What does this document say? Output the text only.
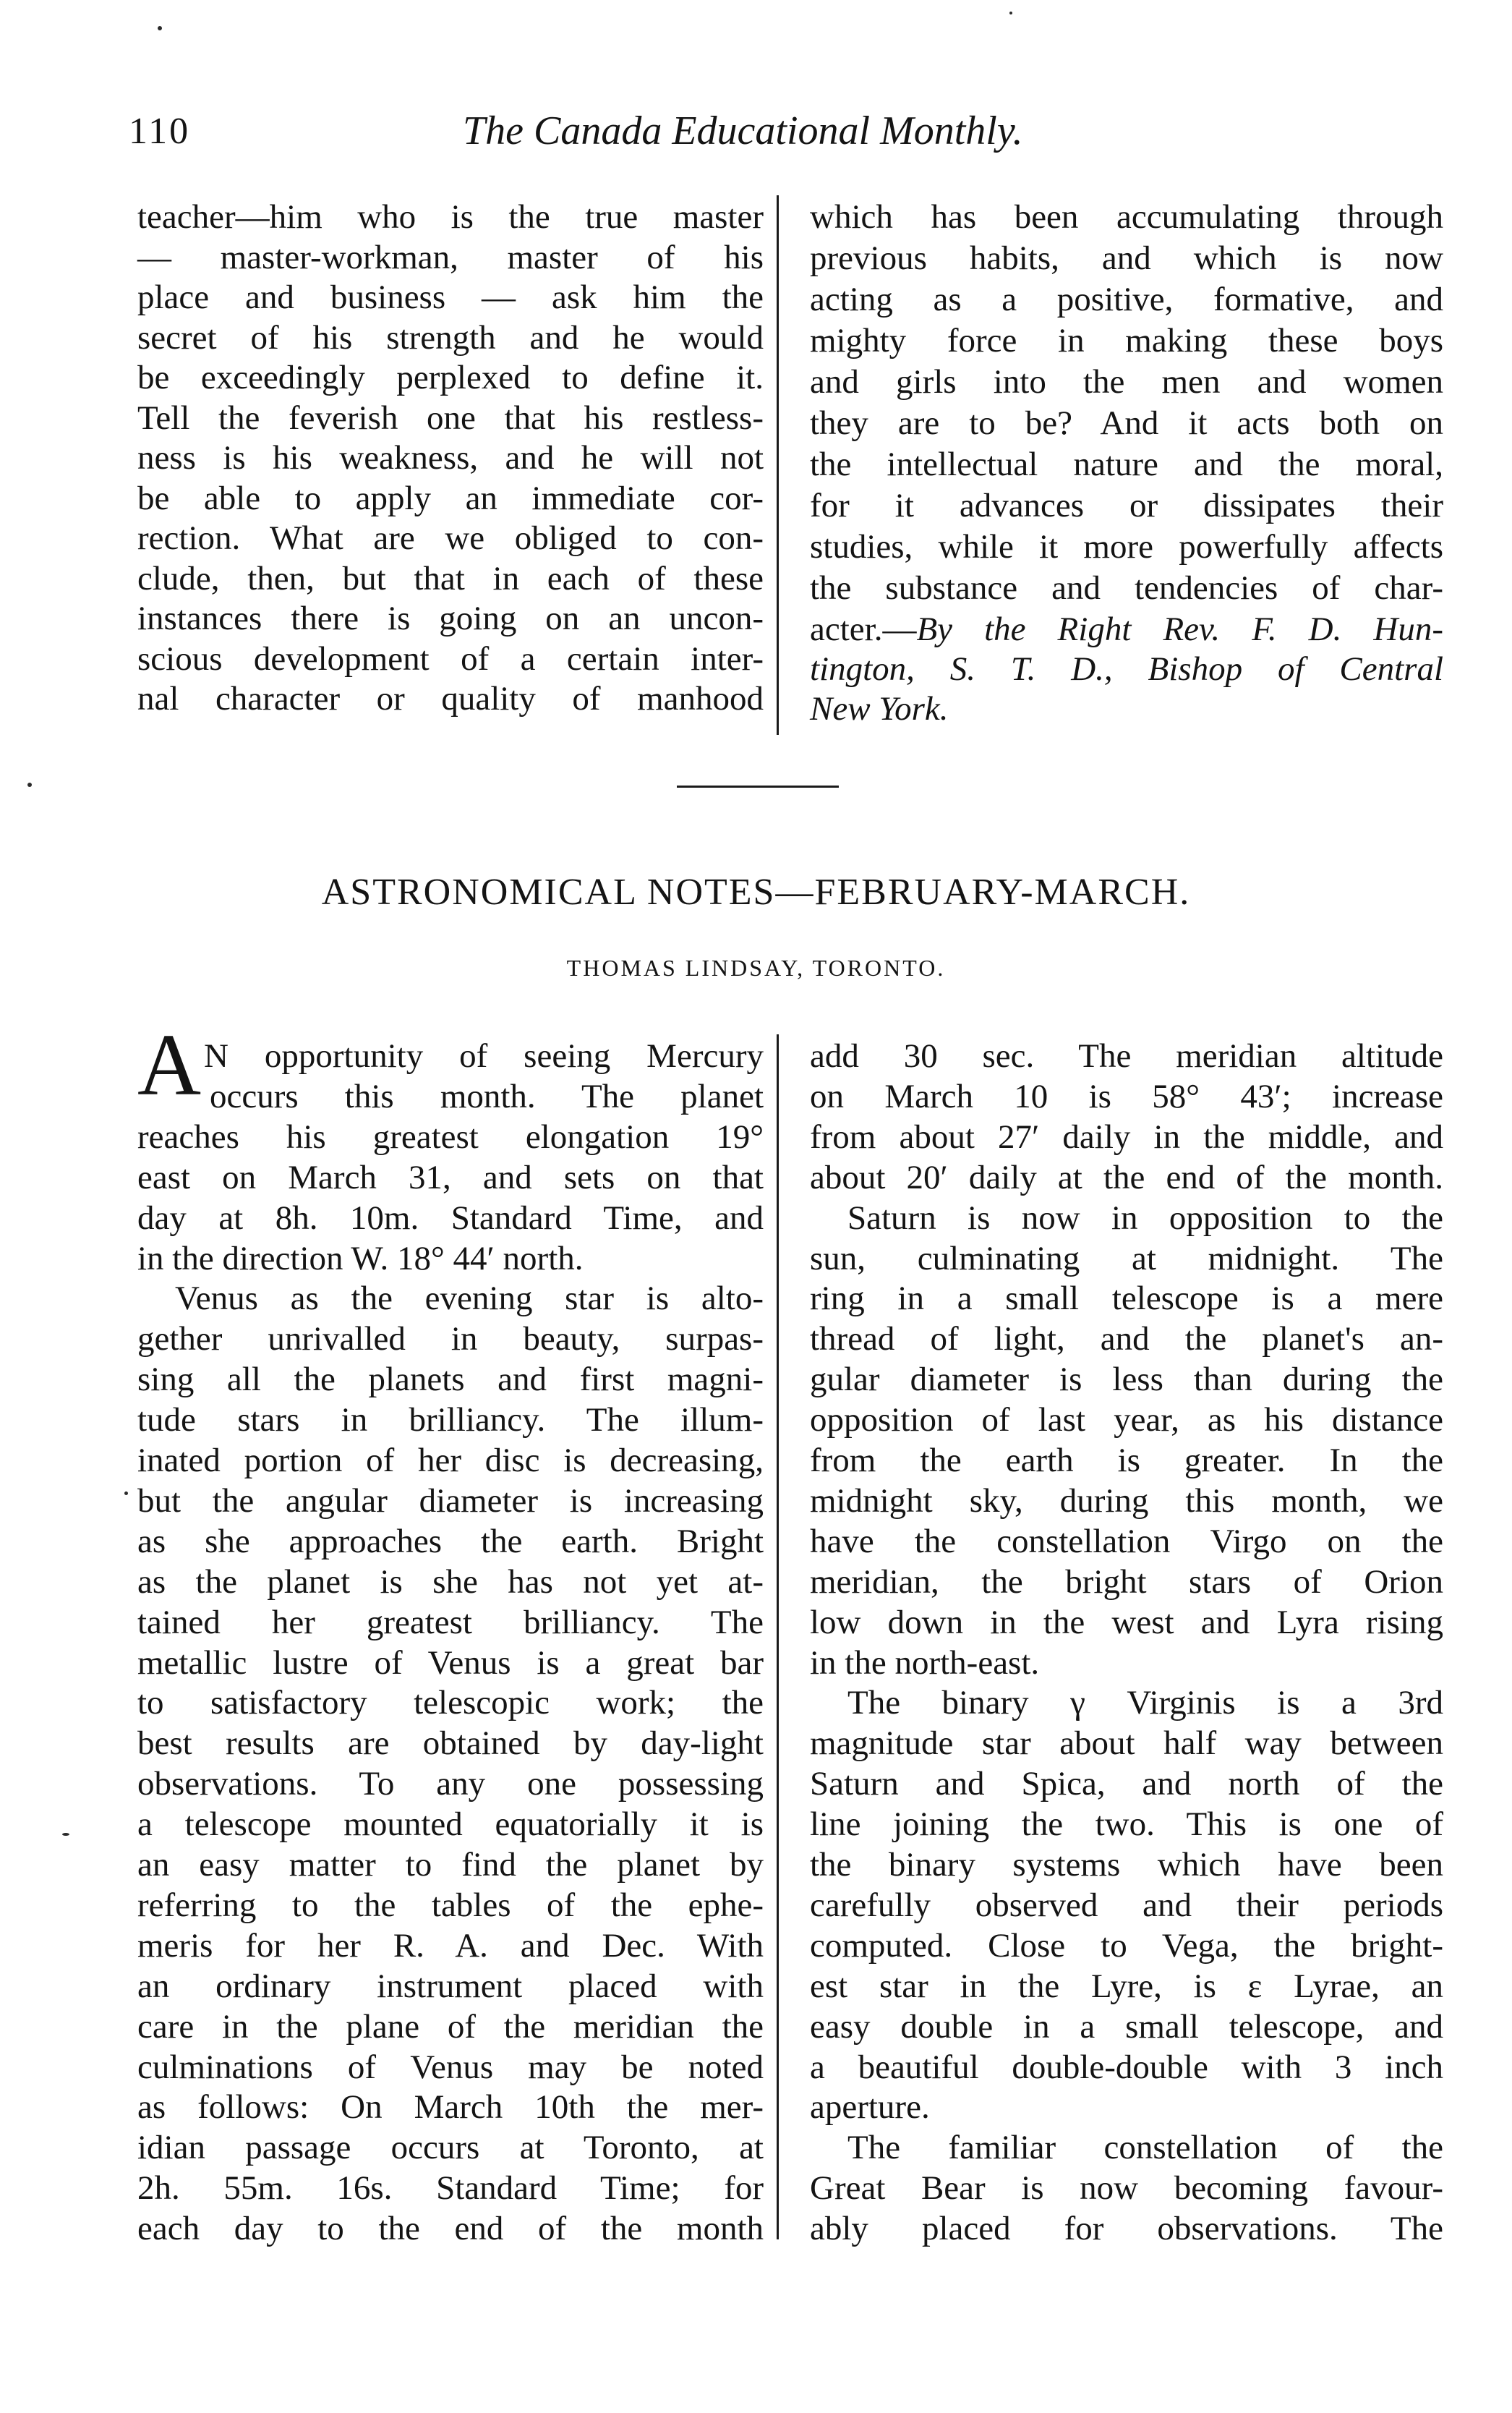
110	The Canada Educational Monthly.
teacher—him who is the true master
— master-workman, master of his
place and business — ask him the
secret of his strength and he would
be exceedingly perplexed to define it.
Tell the feverish one that his restless-
ness is his weakness, and he will not
be able to apply an immediate cor-
rection. What are we obliged to con-
clude, then, but that in each of these
instances there is going on an uncon-
scious development of a certain inter-
nal character or quality of manhood
which has been accumulating through
previous habits, and which is now
acting as a positive, formative, and
mighty force in making these boys
and girls into the men and women
they are to be? And it acts both on
the intellectual nature and the moral,
for it advances or dissipates their
studies, while it more powerfully affects
the substance and tendencies of char-
acter.—By the Right Rev. F. D. Hun-
tington, S. T. D., Bishop of Central
New York.
ASTRONOMICAL NOTES—FEBRUARY-MARCH.
THOMAS LINDSAY, TORONTO.
A N opportunity of seeing Mercury
occurs this month. The planet
reaches his greatest elongation 19°
east on March 31, and sets on that
day at 8h. 10m. Standard Time, and
in the direction W. 18° 44′ north.
Venus as the evening star is alto-
gether unrivalled in beauty, surpas-
sing all the planets and first magni-
tude stars in brilliancy. The illum-
inated portion of her disc is decreasing,
but the angular diameter is increasing
as she approaches the earth. Bright
as the planet is she has not yet at-
tained her greatest brilliancy. The
metallic lustre of Venus is a great bar
to satisfactory telescopic work; the
best results are obtained by day-light
observations. To any one possessing
a telescope mounted equatorially it is
an easy matter to find the planet by
referring to the tables of the ephe-
meris for her R. A. and Dec. With
an ordinary instrument placed with
care in the plane of the meridian the
culminations of Venus may be noted
as follows: On March 10th the mer-
idian passage occurs at Toronto, at
2h. 55m. 16s. Standard Time; for
each day to the end of the month
add 30 sec. The meridian altitude
on March 10 is 58° 43′; increase
from about 27′ daily in the middle, and
about 20′ daily at the end of the month.
Saturn is now in opposition to the
sun, culminating at midnight. The
ring in a small telescope is a mere
thread of light, and the planet's an-
gular diameter is less than during the
opposition of last year, as his distance
from the earth is greater. In the
midnight sky, during this month, we
have the constellation Virgo on the
meridian, the bright stars of Orion
low down in the west and Lyra rising
in the north-east.
The binary γ Virginis is a 3rd
magnitude star about half way between
Saturn and Spica, and north of the
line joining the two. This is one of
the binary systems which have been
carefully observed and their periods
computed. Close to Vega, the bright-
est star in the Lyre, is ε Lyrae, an
easy double in a small telescope, and
a beautiful double-double with 3 inch
aperture.
The familiar constellation of the
Great Bear is now becoming favour-
ably placed for observations. The
